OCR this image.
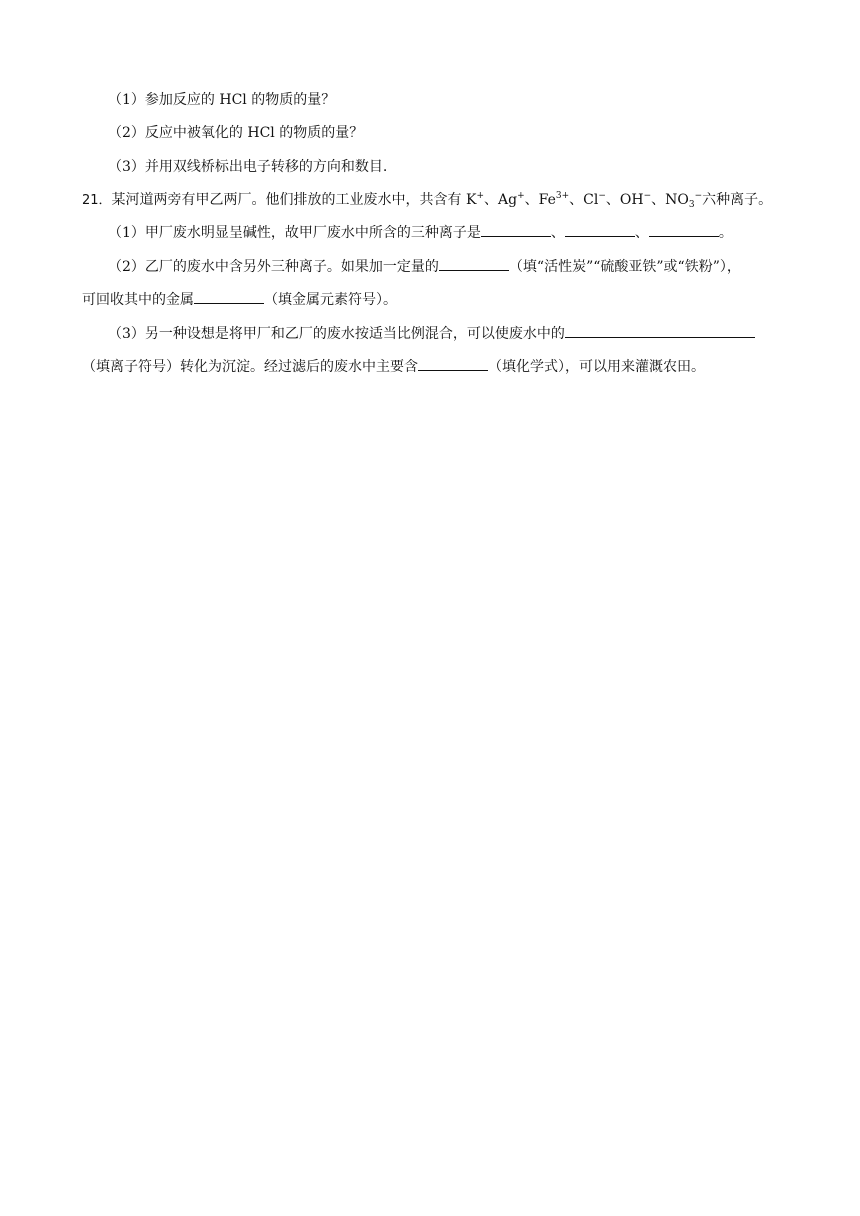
（1）参加反应的 HCl 的物质的量？
（2）反应中被氧化的 HCl 的物质的量？
（3）并用双线桥标出电子转移的方向和数目.
21．某河道两旁有甲乙两厂。他们排放的工业废水中，共含有 K+、Ag+、$Fe^{3+}$、Cl−、OH−、$NO_3^-$六种离子。
（1）甲厂废水明显呈碱性，故甲厂废水中所含的三种离子是	、	、	。
（2）乙厂的废水中含另外三种离子。如果加一定量的	（填“活性炭”“硫酸亚铁”或“铁粉”），
可回收其中的金属	（填金属元素符号）。
（3）另一种设想是将甲厂和乙厂的废水按适当比例混合，可以使废水中的
（填离子符号）转化为沉淀。经过滤后的废水中主要含	（填化学式），可以用来灌溉农田。
